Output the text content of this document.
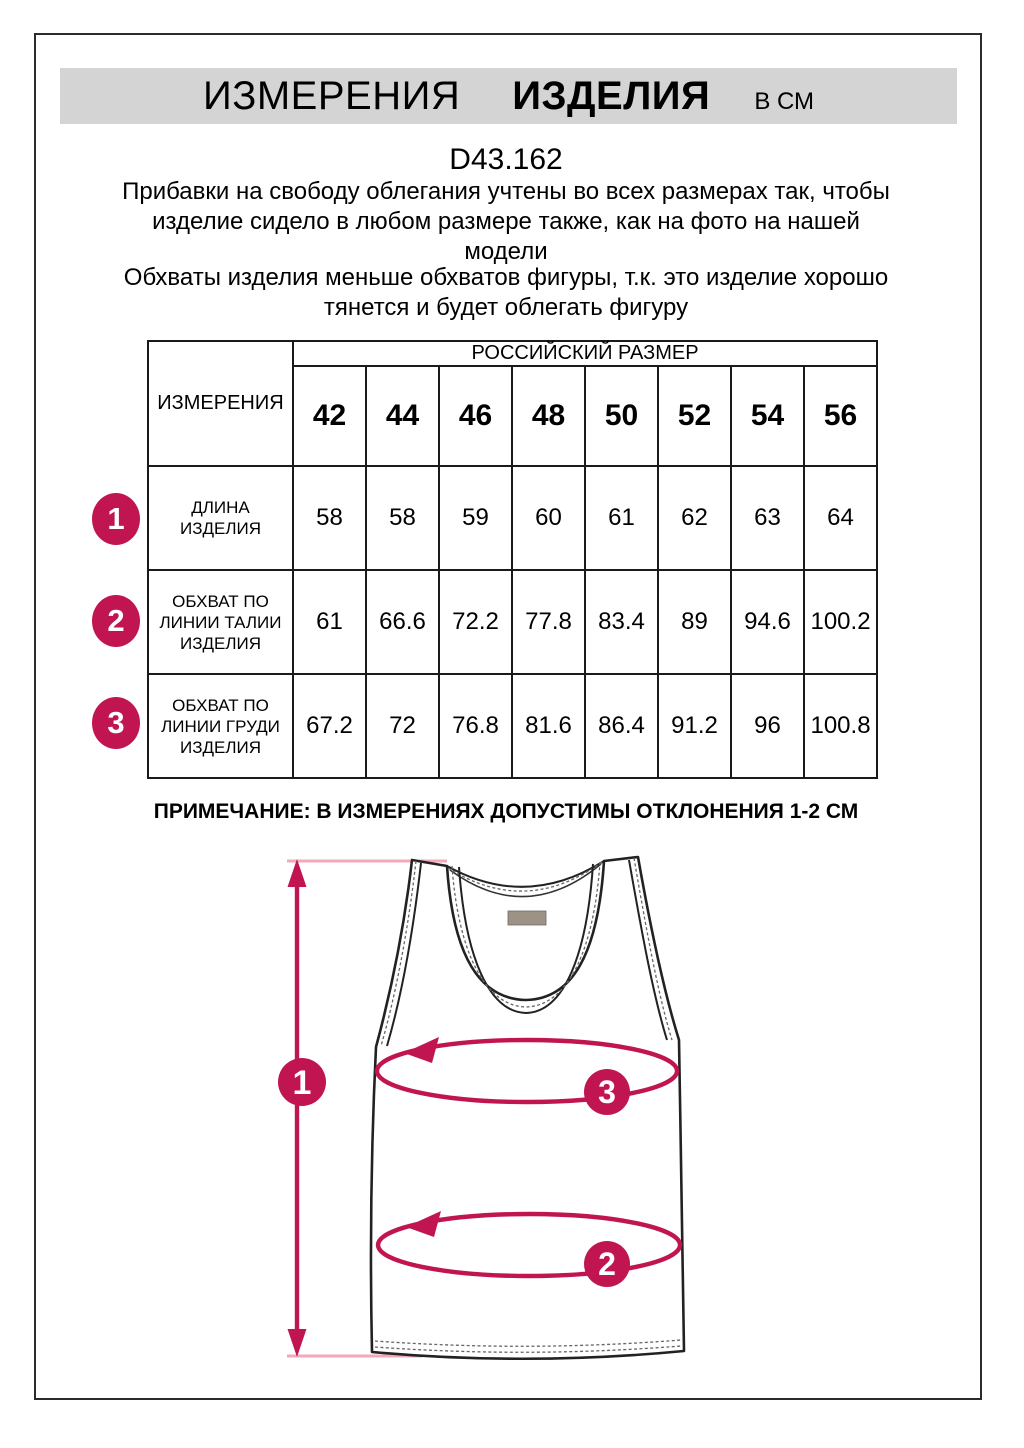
ИЗМЕРЕНИЯ ИЗДЕЛИЯ В СМ
D43.162
Прибавки на свободу облегания учтены во всех размерах так, чтобы
изделие сидело в любом размере также, как на фото на нашей
модели
Обхваты изделия меньше обхватов фигуры, т.к. это изделие хорошо
тянется и будет облегать фигуру
ИЗМЕРЕНИЯ	РОССИЙСКИЙ РАЗМЕР							
	42	44	46	48	50	52	54	56
ДЛИНА ИЗДЕЛИЯ	58	58	59	60	61	62	63	64
ОБХВАТ ПО ЛИНИИ ТАЛИИ ИЗДЕЛИЯ	61	66.6	72.2	77.8	83.4	89	94.6	100.2
ОБХВАТ ПО ЛИНИИ ГРУДИ ИЗДЕЛИЯ	67.2	72	76.8	81.6	86.4	91.2	96	100.8
1
2
3
ПРИМЕЧАНИЕ: В ИЗМЕРЕНИЯХ ДОПУСТИМЫ ОТКЛОНЕНИЯ 1-2 СМ
1	3
2
